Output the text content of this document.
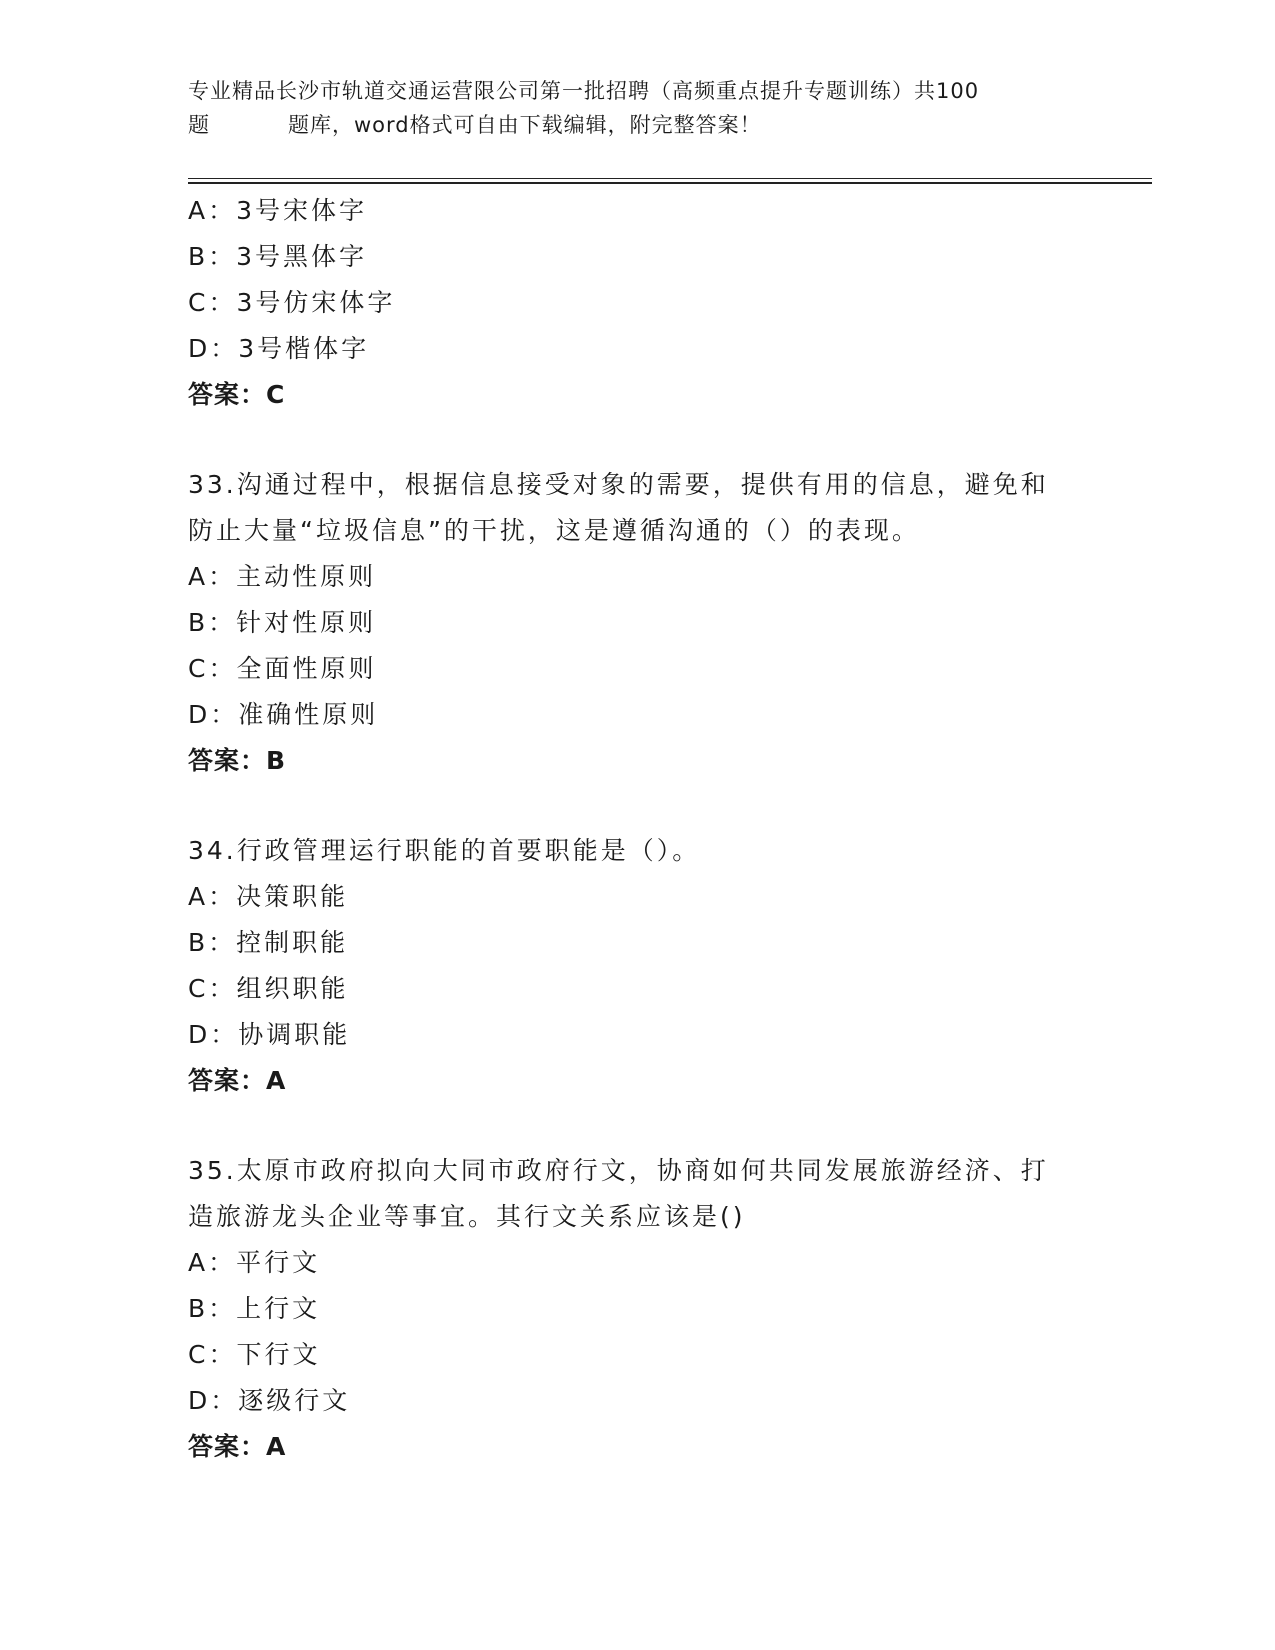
专业精品长沙市轨道交通运营限公司第一批招聘（高频重点提升专题训练）共100
题	题库，word格式可自由下载编辑，附完整答案！
A：3号宋体字
B：3号黑体字
C：3号仿宋体字
D：3号楷体字
答案：C
33.沟通过程中，根据信息接受对象的需要，提供有用的信息，避免和
防止大量“垃圾信息”的干扰，这是遵循沟通的（）的表现。
A：主动性原则
B：针对性原则
C：全面性原则
D：准确性原则
答案：B
34.行政管理运行职能的首要职能是（）。
A：决策职能
B：控制职能
C：组织职能
D：协调职能
答案：A
35.太原市政府拟向大同市政府行文，协商如何共同发展旅游经济、打
造旅游龙头企业等事宜。其行文关系应该是()
A：平行文
B：上行文
C：下行文
D：逐级行文
答案：A
